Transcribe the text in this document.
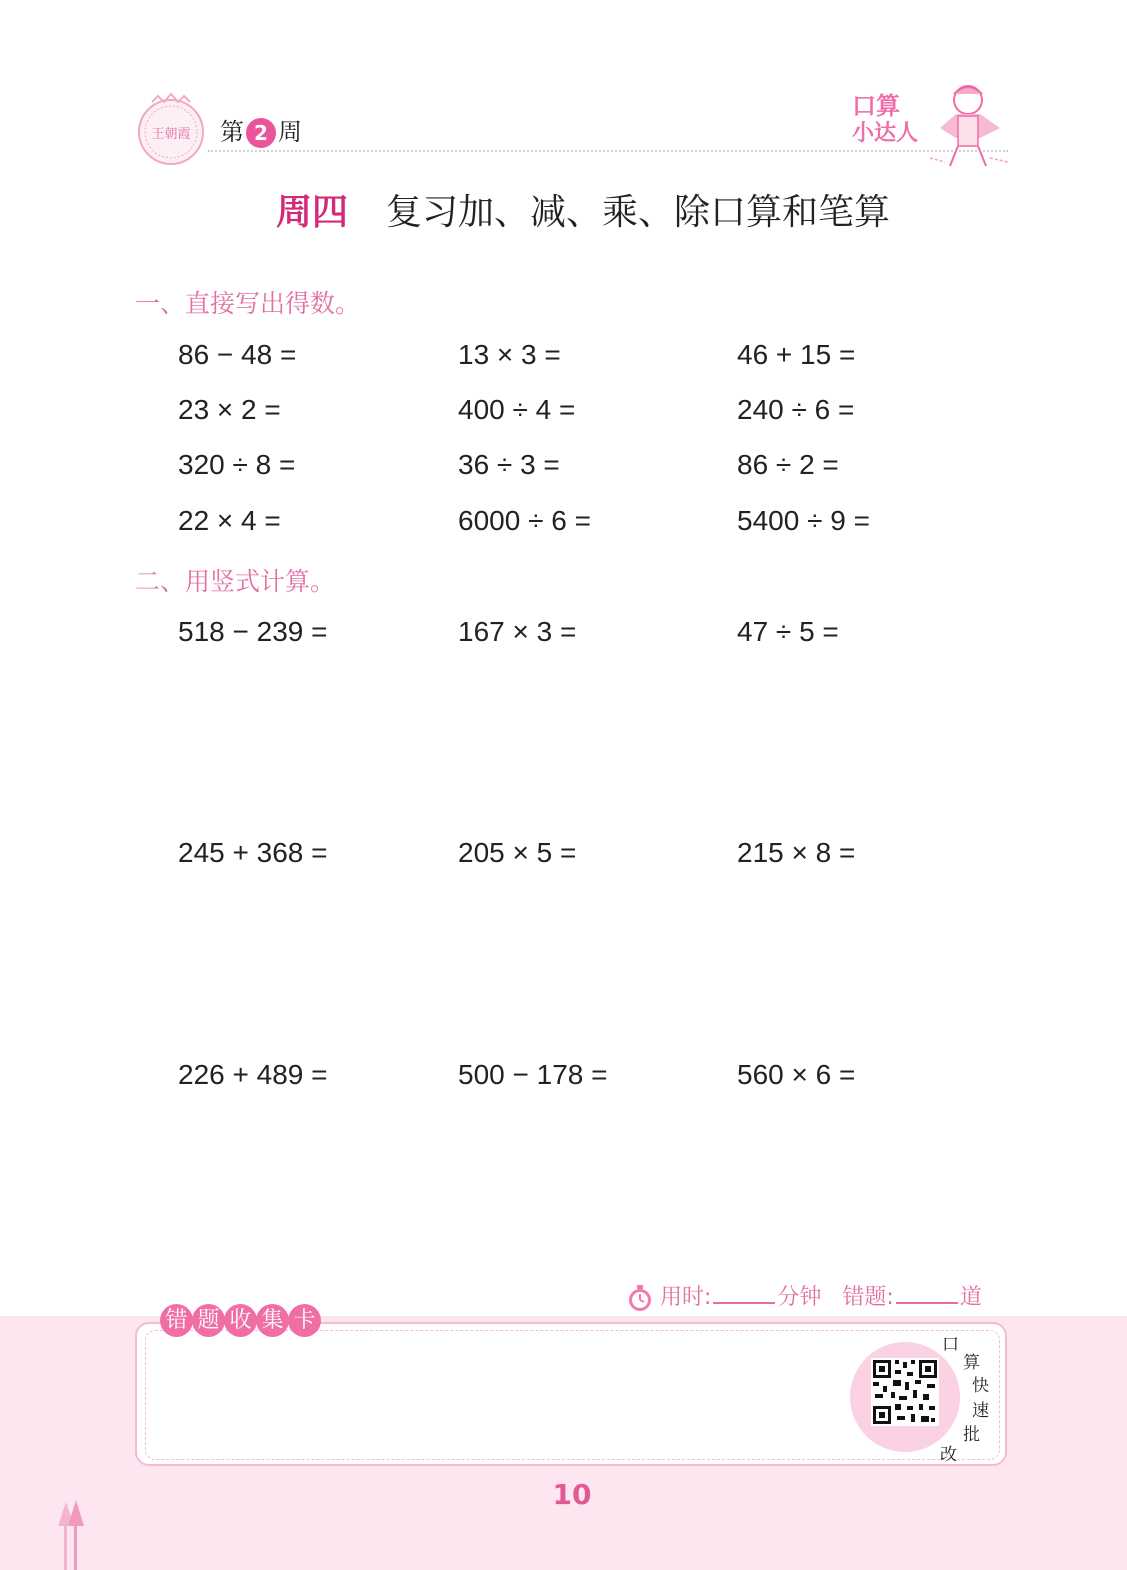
王朝霞 第 2 周
口算
小达人
周四 复习加、减、乘、除口算和笔算
一、直接写出得数。
86 − 48 =	13 × 3 =	46 + 15 =
23 × 2 =	400 ÷ 4 =	240 ÷ 6 =
320 ÷ 8 =	36 ÷ 3 =	86 ÷ 2 =
22 × 4 =	6000 ÷ 6 =	5400 ÷ 9 =
二、用竖式计算。
518 − 239 =	167 × 3 =	47 ÷ 5 =
245 + 368 =	205 × 5 =	215 × 8 =
226 + 489 =	500 − 178 =	560 × 6 =
用时:	分钟 错题:	道
错 题 收 集 卡
口
算
快
速
批
改
10
